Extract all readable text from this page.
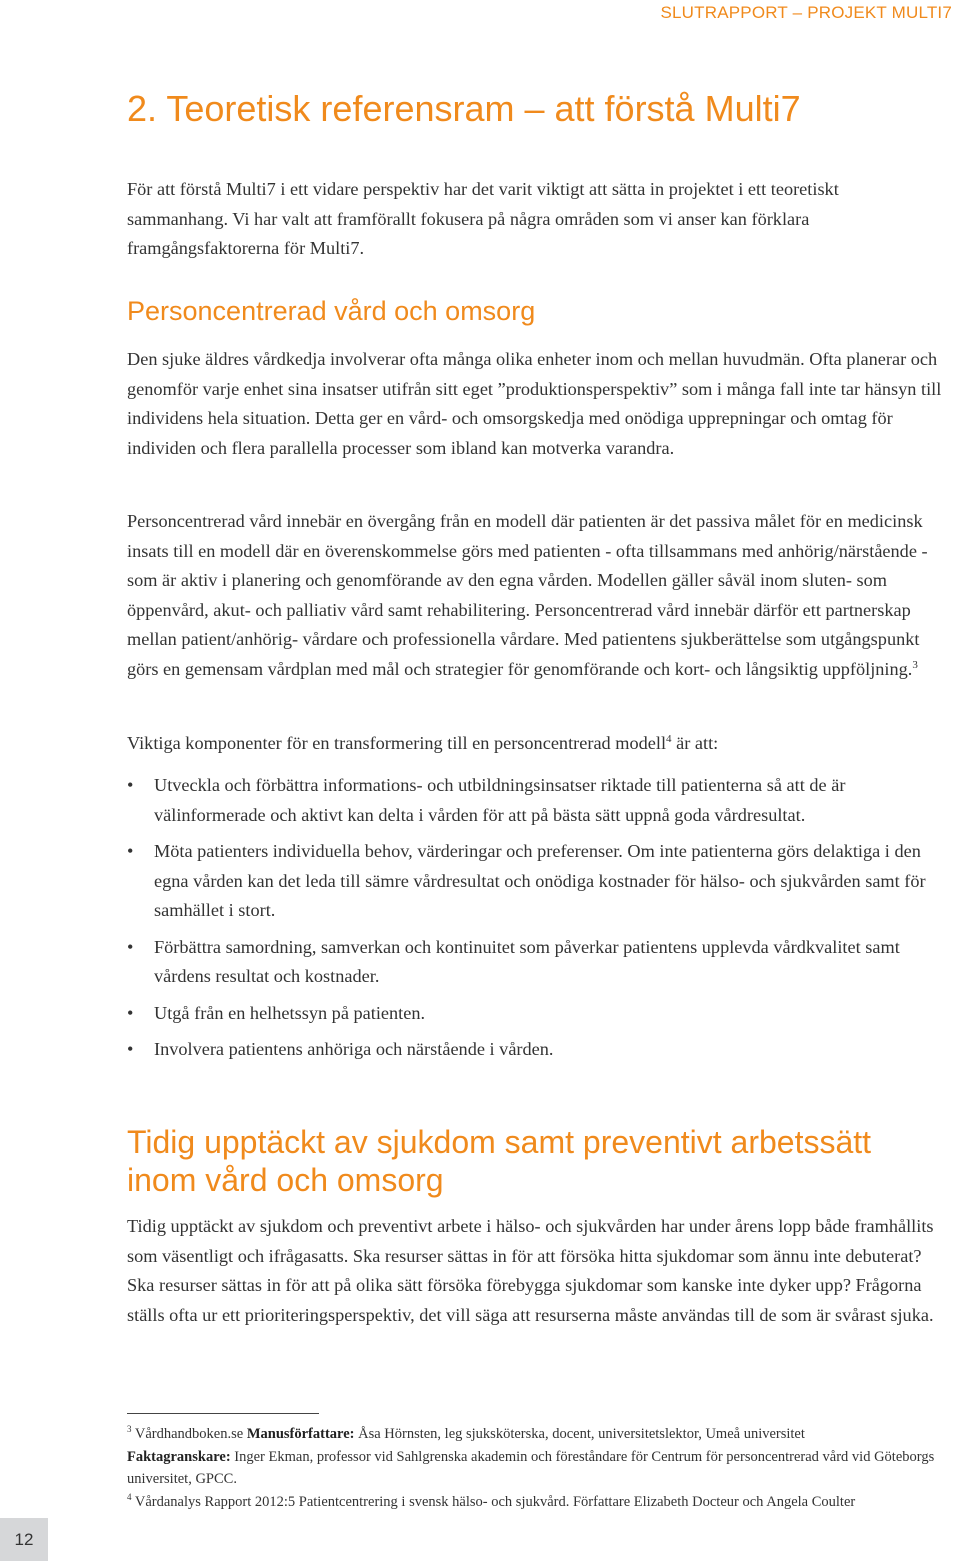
SLUTRAPPORT – PROJEKT MULTI7
2. Teoretisk referensram – att förstå Multi7

För att förstå Multi7 i ett vidare perspektiv har det varit viktigt att sätta in projektet i ett teoretiskt sammanhang. Vi har valt att framförallt fokusera på några områden som vi anser kan förklara framgångsfaktorerna för Multi7.

Personcentrerad vård och omsorg

Den sjuke äldres vårdkedja involverar ofta många olika enheter inom och mellan huvudmän. Ofta planerar och genomför varje enhet sina insatser utifrån sitt eget ”produktionsperspektiv” som i många fall inte tar hänsyn till individens hela situation. Detta ger en vård- och omsorgskedja med onödiga upprepningar och omtag för individen och flera parallella processer som ibland kan motverka varandra.

Personcentrerad vård innebär en övergång från en modell där patienten är det passiva målet för en medicinsk insats till en modell där en överenskommelse görs med patienten - ofta tillsammans med anhörig/närstående - som är aktiv i planering och genomförande av den egna vården. Modellen gäller såväl inom sluten- som öppenvård, akut- och palliativ vård samt rehabilitering. Personcentrerad vård innebär därför ett partnerskap mellan patient/anhörig- vårdare och professionella vårdare. Med patientens sjukberättelse som utgångspunkt görs en gemensam vårdplan med mål och strategier för genomförande och kort- och långsiktig uppföljning.$^3$

Viktiga komponenter för en transformering till en personcentrerad modell$^4$ är att:

• Utveckla och förbättra informations- och utbildningsinsatser riktade till patienterna så att de är välinformerade och aktivt kan delta i vården för att på bästa sätt uppnå goda vårdresultat.
• Möta patienters individuella behov, värderingar och preferenser. Om inte patienterna görs delaktiga i den egna vården kan det leda till sämre vårdresultat och onödiga kostnader för hälso- och sjukvården samt för samhället i stort.
• Förbättra samordning, samverkan och kontinuitet som påverkar patientens upplevda vårdkvalitet samt vårdens resultat och kostnader.
• Utgå från en helhetssyn på patienten.
• Involvera patientens anhöriga och närstående i vården.
Tidig upptäckt av sjukdom samt preventivt arbetssätt inom vård och omsorg

Tidig upptäckt av sjukdom och preventivt arbete i hälso- och sjukvården har under årens lopp både framhållits som väsentligt och ifrågasatts. Ska resurser sättas in för att försöka hitta sjukdomar som ännu inte debuterat? Ska resurser sättas in för att på olika sätt försöka förebygga sjukdomar som kanske inte dyker upp? Frågorna ställs ofta ur ett prioriteringsperspektiv, det vill säga att resurserna måste användas till de som är svårast sjuka.

$^3$ Vårdhandboken.se Manusförfattare: Åsa Hörnsten, leg sjuksköterska, docent, universitetslektor, Umeå universitet
Faktagranskare: Inger Ekman, professor vid Sahlgrenska akademin och föreståndare för Centrum för personcentrerad vård vid Göteborgs universitet, GPCC.

$^4$ Vårdanalys Rapport 2012:5 Patientcentrering i svensk hälso- och sjukvård. Författare Elizabeth Docteur och Angela Coulter

12
